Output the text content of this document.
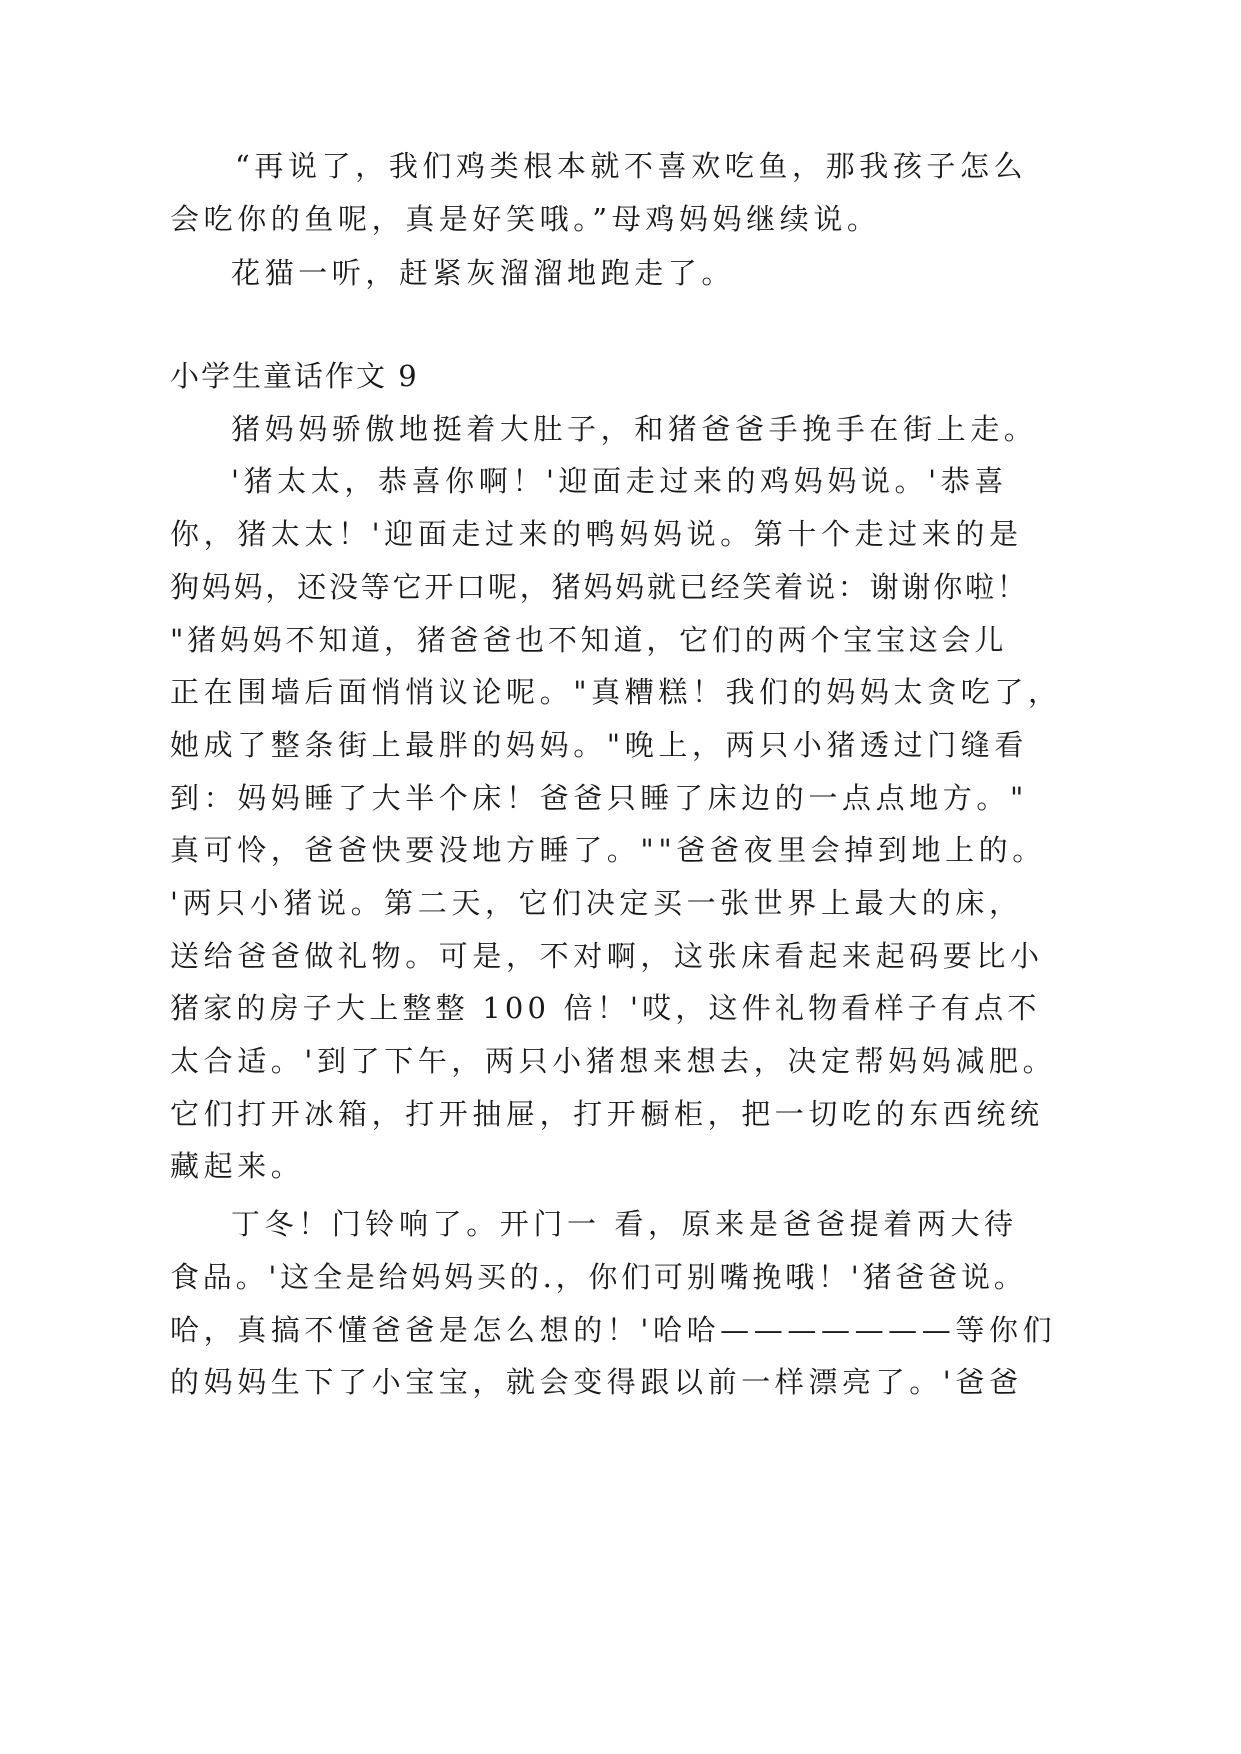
“再说了，我们鸡类根本就不喜欢吃鱼，那我孩子怎么

会吃你的鱼呢，真是好笑哦。”母鸡妈妈继续说。

花猫一听，赶紧灰溜溜地跑走了。

小学生童话作文 9

猪妈妈骄傲地挺着大肚子，和猪爸爸手挽手在街上走。

'猪太太，恭喜你啊！'迎面走过来的鸡妈妈说。'恭喜

你，猪太太！'迎面走过来的鸭妈妈说。第十个走过来的是

狗妈妈，还没等它开口呢，猪妈妈就已经笑着说：谢谢你啦！

"猪妈妈不知道，猪爸爸也不知道，它们的两个宝宝这会儿

正在围墙后面悄悄议论呢。"真糟糕！我们的妈妈太贪吃了，

她成了整条街上最胖的妈妈。"晚上，两只小猪透过门缝看

到：妈妈睡了大半个床！爸爸只睡了床边的一点点地方。"

真可怜，爸爸快要没地方睡了。""爸爸夜里会掉到地上的。

'两只小猪说。第二天，它们决定买一张世界上最大的床，

送给爸爸做礼物。可是，不对啊，这张床看起来起码要比小

猪家的房子大上整整 100 倍！'哎，这件礼物看样子有点不

太合适。'到了下午，两只小猪想来想去，决定帮妈妈减肥。

它们打开冰箱，打开抽屉，打开橱柜，把一切吃的东西统统

藏起来。

丁冬！门铃响了。开门一 看，原来是爸爸提着两大待

食品。'这全是给妈妈买的.，你们可别嘴挽哦！'猪爸爸说。

哈，真搞不懂爸爸是怎么想的！'哈哈———————等你们

的妈妈生下了小宝宝，就会变得跟以前一样漂亮了。'爸爸
